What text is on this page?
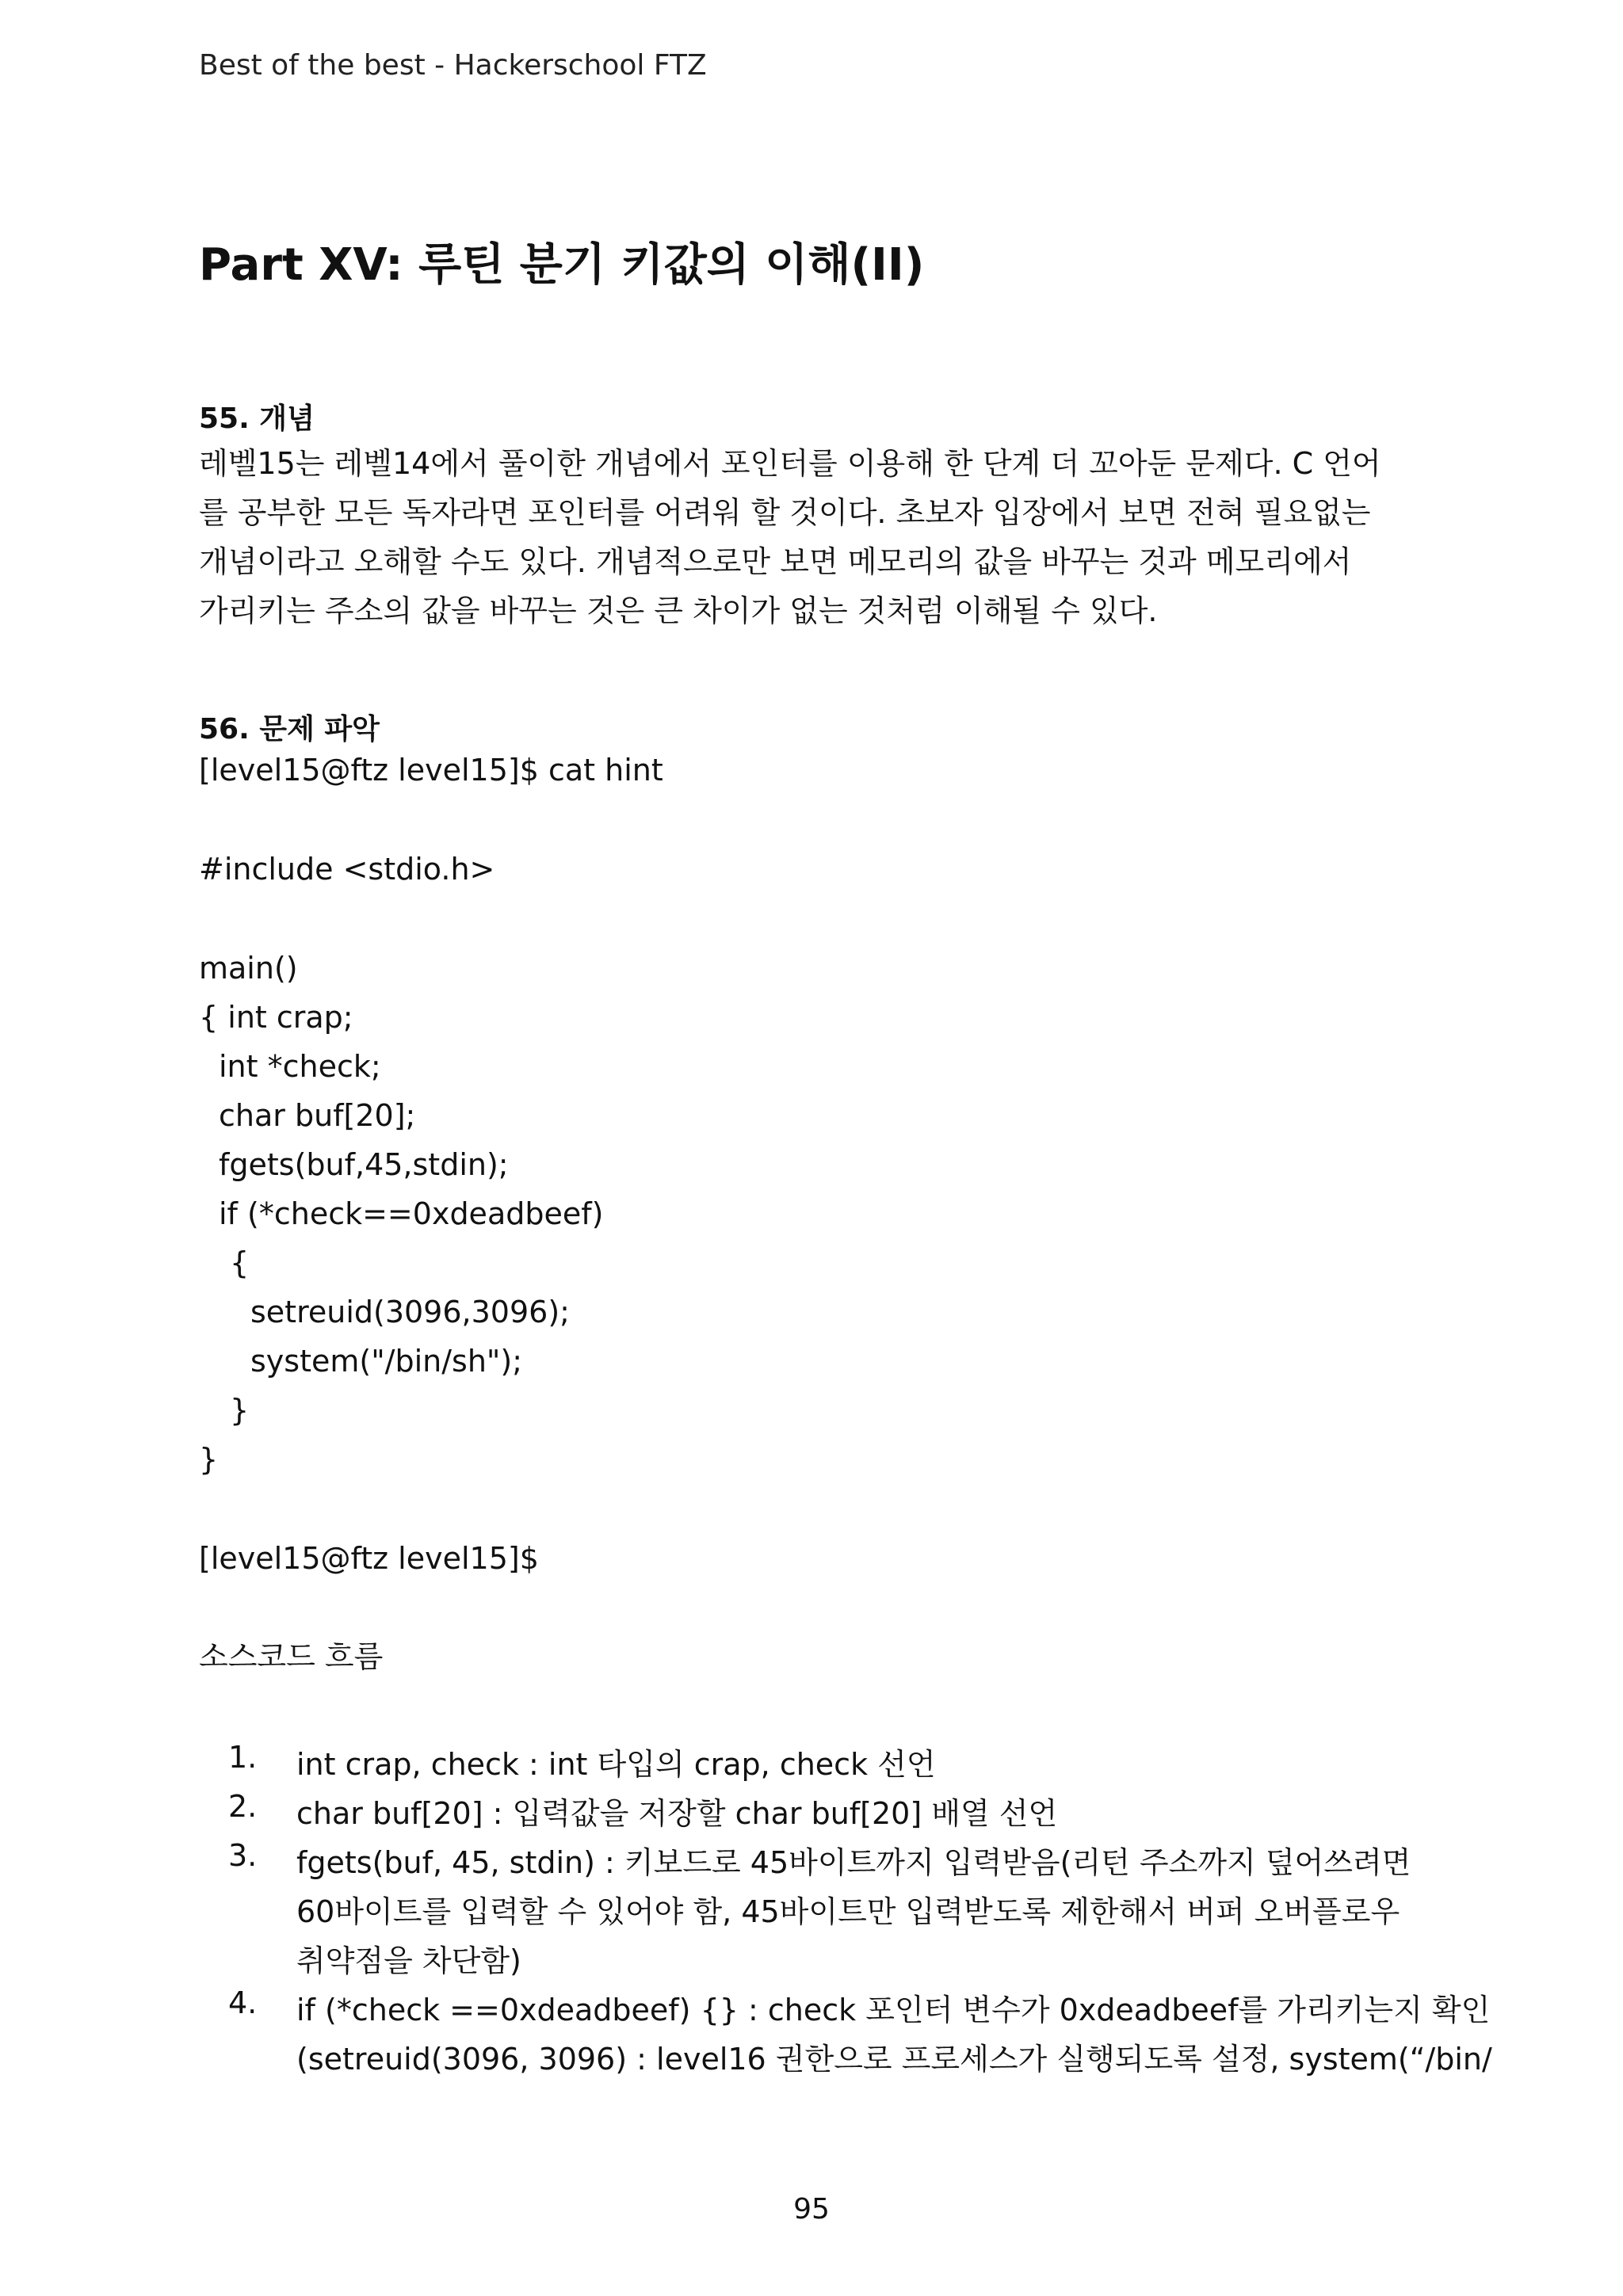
Best of the best - Hackerschool FTZ
Part XV: 루틴 분기 키값의 이해(II)
55. 개념
레벨15는 레벨14에서 풀이한 개념에서 포인터를 이용해 한 단계 더 꼬아둔 문제다. C 언어
를 공부한 모든 독자라면 포인터를 어려워 할 것이다. 초보자 입장에서 보면 전혀 필요없는
개념이라고 오해할 수도 있다. 개념적으로만 보면 메모리의 값을 바꾸는 것과 메모리에서
가리키는 주소의 값을 바꾸는 것은 큰 차이가 없는 것처럼 이해될 수 있다.
56. 문제 파악
[level15@ftz level15]$ cat hint
#include <stdio.h>
main()
{ int crap;
int *check;
char buf[20];
fgets(buf,45,stdin);
if (*check==0xdeadbeef)
{
setreuid(3096,3096);
system("/bin/sh");
}
}
[level15@ftz level15]$
소스코드 흐름
1. int crap, check : int 타입의 crap, check 선언
2. char buf[20] : 입력값을 저장할 char buf[20] 배열 선언
3. fgets(buf, 45, stdin) : 키보드로 45바이트까지 입력받음(리턴 주소까지 덮어쓰려면
60바이트를 입력할 수 있어야 함, 45바이트만 입력받도록 제한해서 버퍼 오버플로우
취약점을 차단함)
4. if (*check ==0xdeadbeef) {} : check 포인터 변수가 0xdeadbeef를 가리키는지 확인
(setreuid(3096, 3096) : level16 권한으로 프로세스가 실행되도록 설정, system(“/bin/
95
